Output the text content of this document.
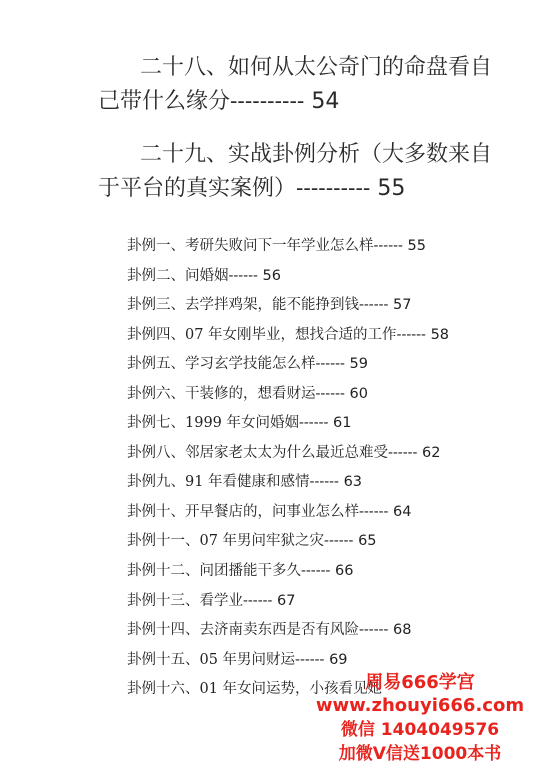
二十八、如何从太公奇门的命盘看自
己带什么缘分---------- 54
二十九、实战卦例分析（大多数来自
于平台的真实案例）---------- 55
卦例一、考研失败问下一年学业怎么样------ 55
卦例二、问婚姻------ 56
卦例三、去学拌鸡架，能不能挣到钱------ 57
卦例四、07 年女刚毕业，想找合适的工作------ 58
卦例五、学习玄学技能怎么样------ 59
卦例六、干装修的，想看财运------ 60
卦例七、1999 年女问婚姻------ 61
卦例八、邻居家老太太为什么最近总难受------ 62
卦例九、91 年看健康和感情------ 63
卦例十、开早餐店的，问事业怎么样------ 64
卦例十一、07 年男问牢狱之灾------ 65
卦例十二、问团播能干多久------ 66
卦例十三、看学业------ 67
卦例十四、去济南卖东西是否有风险------ 68
卦例十五、05 年男问财运------ 69
卦例十六、01 年女问运势，小孩看见她
周易666学宫
www.zhouyi666.com
微信 1404049576
加微V信送1000本书
